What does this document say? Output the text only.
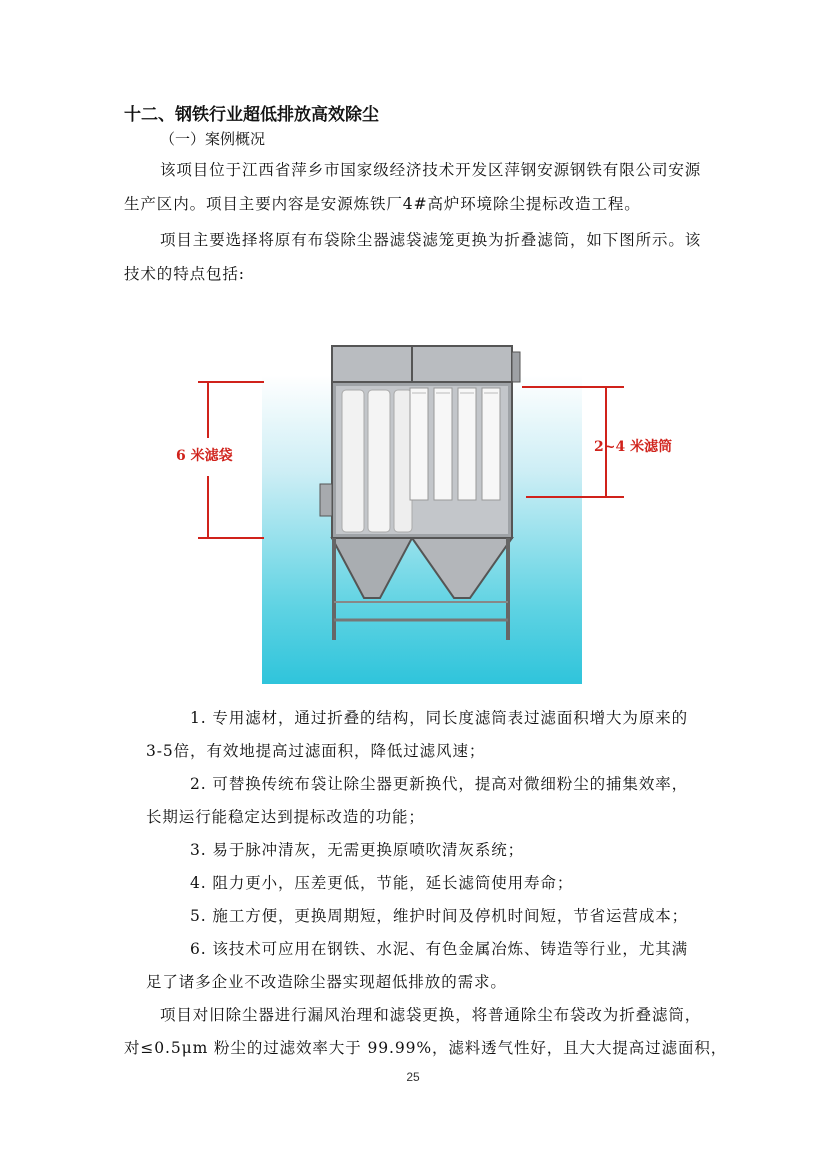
十二、钢铁行业超低排放高效除尘
（一）案例概况
该项目位于江西省萍乡市国家级经济技术开发区萍钢安源钢铁有限公司安源
生产区内。项目主要内容是安源炼铁厂4#高炉环境除尘提标改造工程。
项目主要选择将原有布袋除尘器滤袋滤笼更换为折叠滤筒，如下图所示。该
技术的特点包括:
6 米滤袋
2~4 米滤筒
1. 专用滤材，通过折叠的结构，同长度滤筒表过滤面积增大为原来的
3-5倍，有效地提高过滤面积，降低过滤风速；
2. 可替换传统布袋让除尘器更新换代，提高对微细粉尘的捕集效率，
长期运行能稳定达到提标改造的功能；
3. 易于脉冲清灰，无需更换原喷吹清灰系统；
4. 阻力更小，压差更低，节能，延长滤筒使用寿命；
5. 施工方便，更换周期短，维护时间及停机时间短，节省运营成本；
6. 该技术可应用在钢铁、水泥、有色金属冶炼、铸造等行业，尤其满
足了诸多企业不改造除尘器实现超低排放的需求。
项目对旧除尘器进行漏风治理和滤袋更换，将普通除尘布袋改为折叠滤筒，
对≤0.5μm 粉尘的过滤效率大于 99.99%，滤料透气性好，且大大提高过滤面积，
25
